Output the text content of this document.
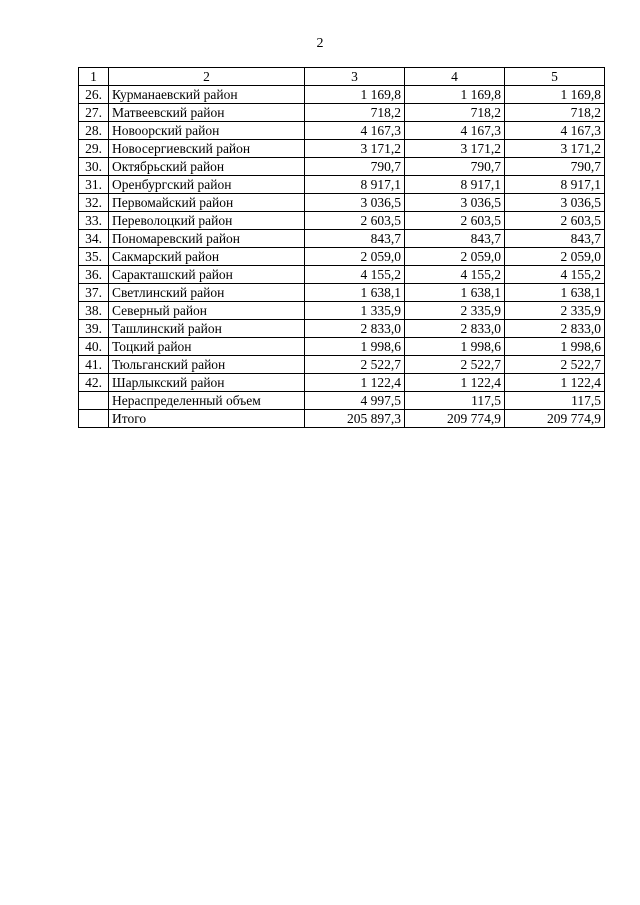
2
1	2	3	4	5
26.	Курманаевский район	1 169,8	1 169,8	1 169,8
27.	Матвеевский район	718,2	718,2	718,2
28.	Новоорский район	4 167,3	4 167,3	4 167,3
29.	Новосергиевский район	3 171,2	3 171,2	3 171,2
30.	Октябрьский район	790,7	790,7	790,7
31.	Оренбургский район	8 917,1	8 917,1	8 917,1
32.	Первомайский район	3 036,5	3 036,5	3 036,5
33.	Переволоцкий район	2 603,5	2 603,5	2 603,5
34.	Пономаревский район	843,7	843,7	843,7
35.	Сакмарский район	2 059,0	2 059,0	2 059,0
36.	Саракташский район	4 155,2	4 155,2	4 155,2
37.	Светлинский район	1 638,1	1 638,1	1 638,1
38.	Северный район	1 335,9	2 335,9	2 335,9
39.	Ташлинский район	2 833,0	2 833,0	2 833,0
40.	Тоцкий район	1 998,6	1 998,6	1 998,6
41.	Тюльганский район	2 522,7	2 522,7	2 522,7
42.	Шарлыкский район	1 122,4	1 122,4	1 122,4
	Нераспределенный объем	4 997,5	117,5	117,5
	Итого	205 897,3	209 774,9	209 774,9
